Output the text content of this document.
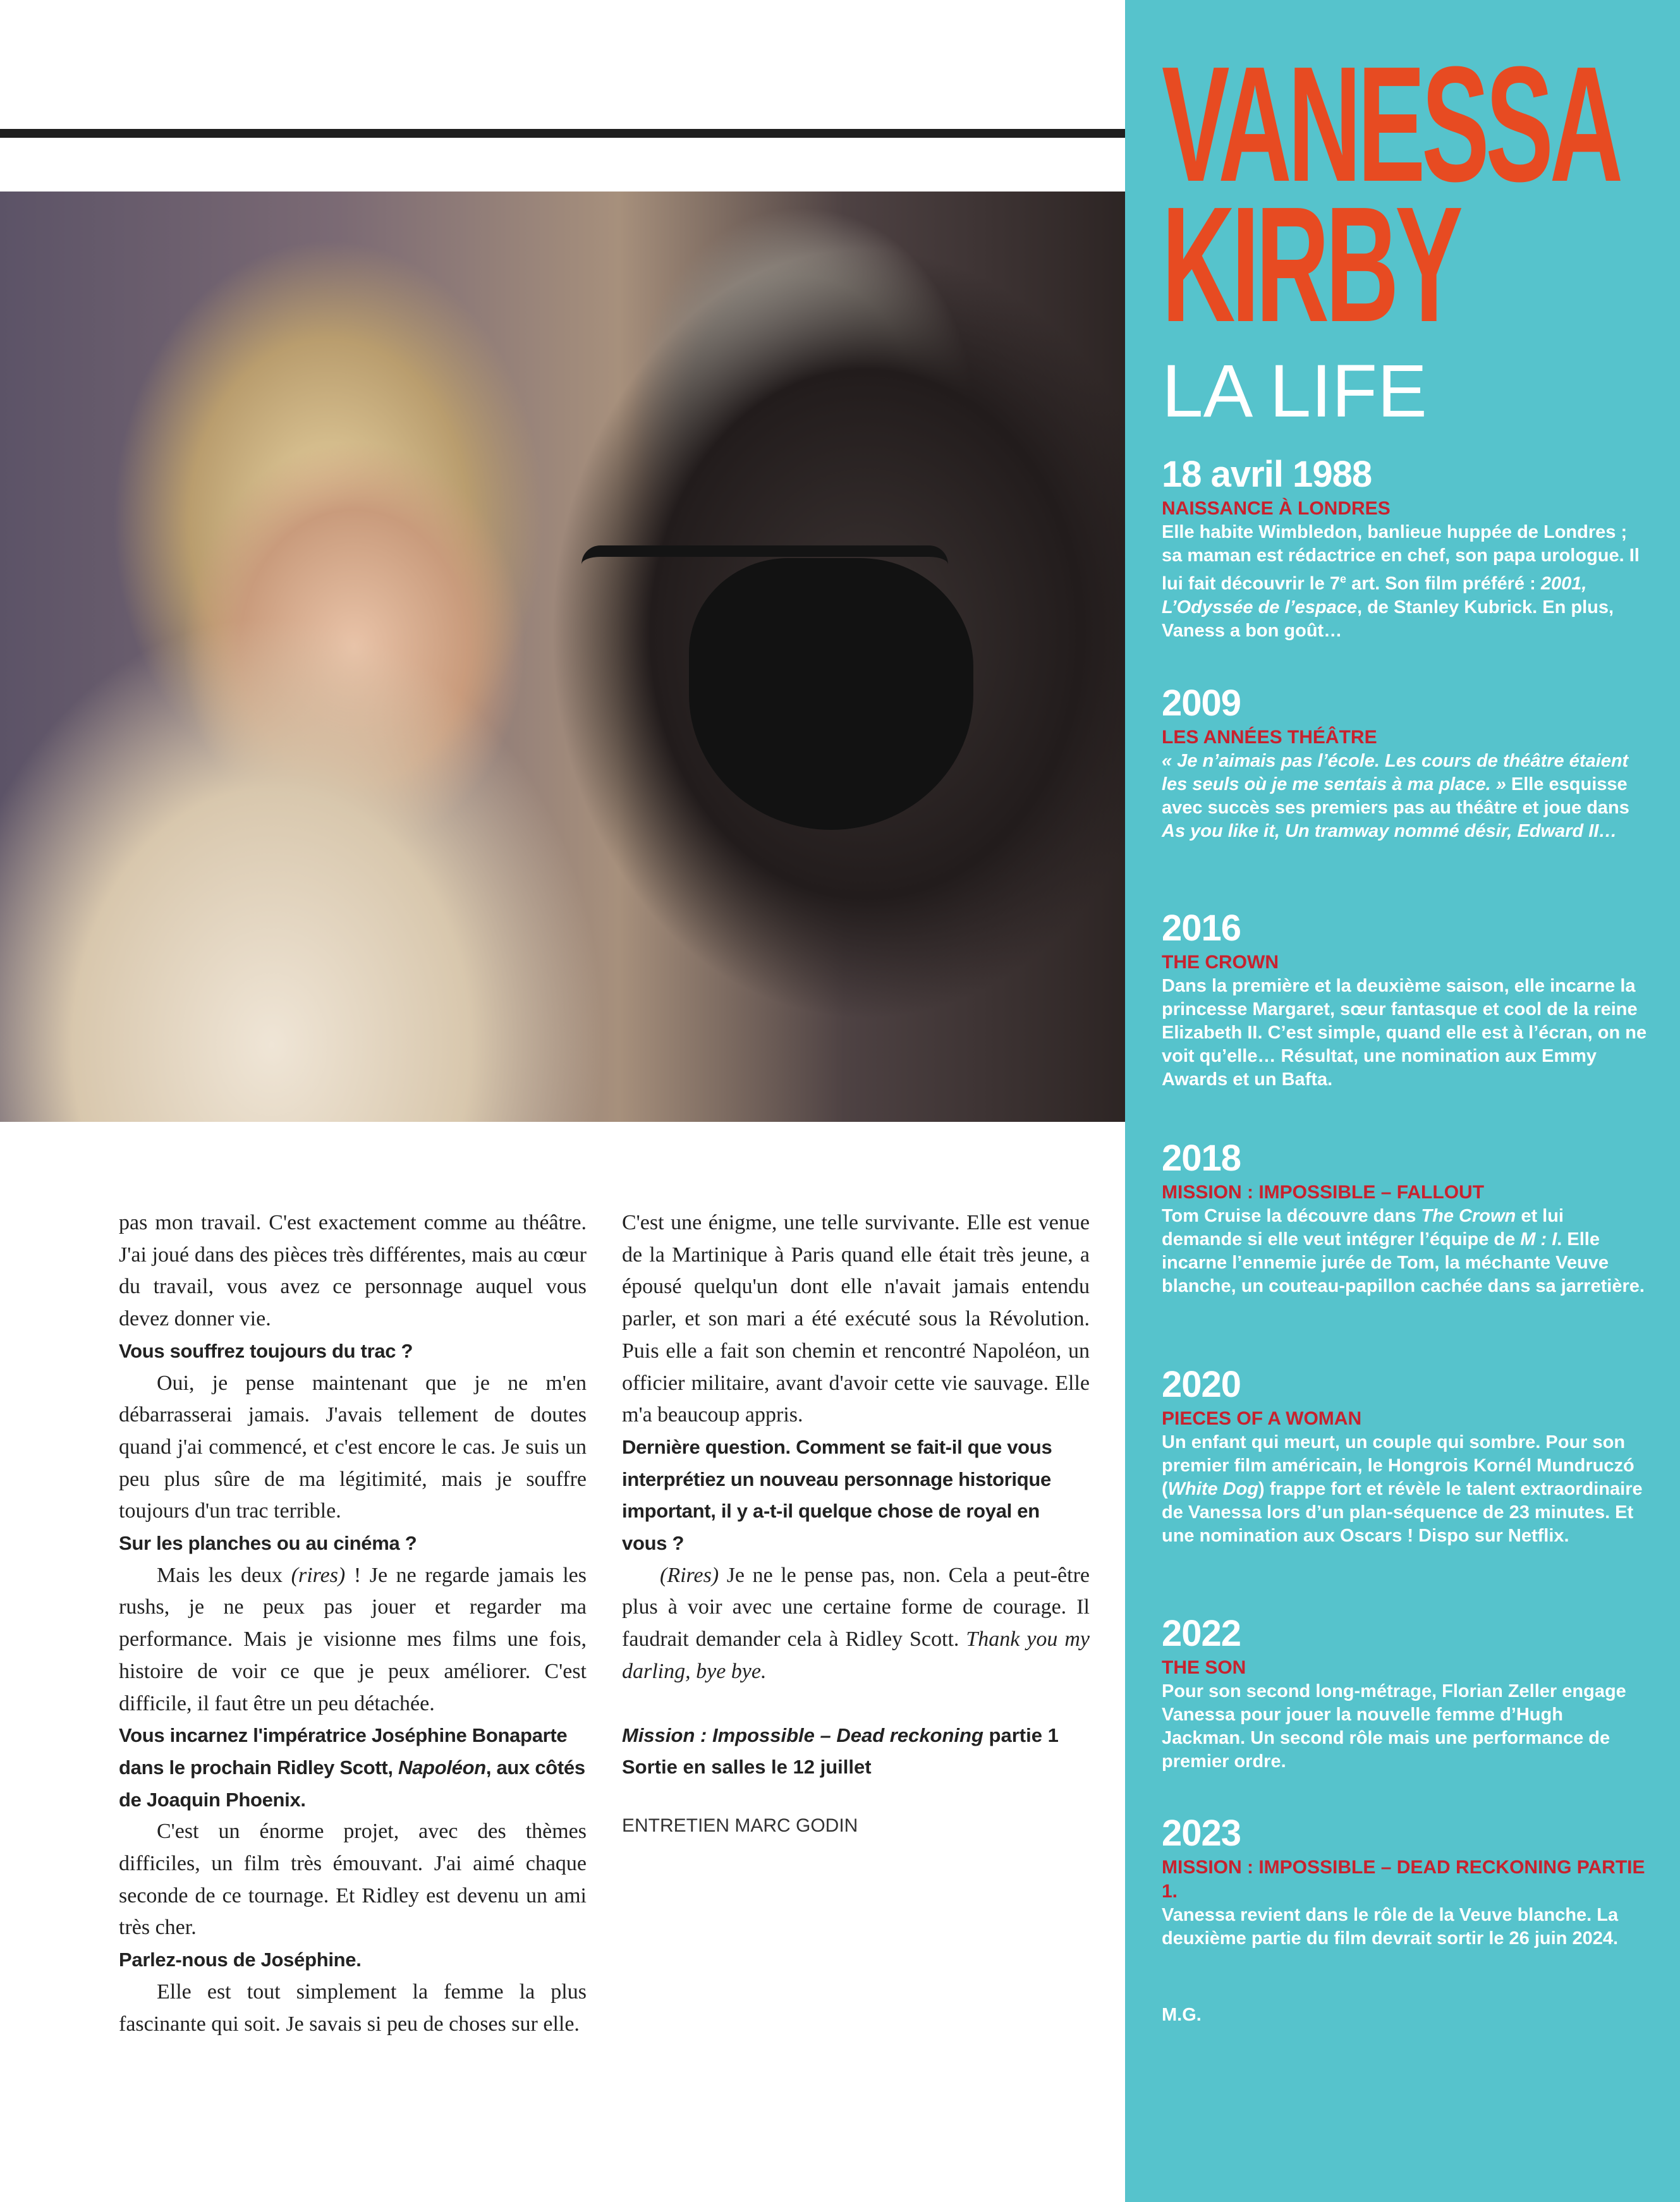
VANESSA
KIRBY
LA LIFE

18 avril 1988

NAISSANCE À LONDRES

Elle habite Wimbledon, banlieue huppée de Londres ; sa maman est rédactrice en chef, son papa urologue. Il lui fait découvrir le 7e art. Son film préféré : 2001, L’Odyssée de l’espace, de Stanley Kubrick. En plus, Vaness a bon goût…

2009

LES ANNÉES THÉÂTRE

« Je n’aimais pas l’école. Les cours de théâtre étaient les seuls où je me sentais à ma place. » Elle esquisse avec succès ses premiers pas au théâtre et joue dans As you like it, Un tramway nommé désir, Edward II…

2016

THE CROWN

Dans la première et la deuxième saison, elle incarne la princesse Margaret, sœur fantasque et cool de la reine Elizabeth II. C’est simple, quand elle est à l’écran, on ne voit qu’elle… Résultat, une nomination aux Emmy Awards et un Bafta.

2018

MISSION : IMPOSSIBLE – FALLOUT

Tom Cruise la découvre dans The Crown et lui demande si elle veut intégrer l’équipe de M : I. Elle incarne l’ennemie jurée de Tom, la méchante Veuve blanche, un couteau-papillon cachée dans sa jarretière.

2020

PIECES OF A WOMAN

Un enfant qui meurt, un couple qui sombre. Pour son premier film américain, le Hongrois Kornél Mundruczó (White Dog) frappe fort et révèle le talent extraordinaire de Vanessa lors d’un plan-séquence de 23 minutes. Et une nomination aux Oscars ! Dispo sur Netflix.

2022

THE SON

Pour son second long-métrage, Florian Zeller engage Vanessa pour jouer la nouvelle femme d’Hugh Jackman. Un second rôle mais une performance de premier ordre.

2023

MISSION : IMPOSSIBLE – DEAD RECKONING PARTIE 1.

Vanessa revient dans le rôle de la Veuve blanche. La deuxième partie du film devrait sortir le 26 juin 2024.

M.G.

pas mon travail. C'est exactement comme au théâtre. J'ai joué dans des pièces très différentes, mais au cœur du travail, vous avez ce personnage auquel vous devez donner vie.

Vous souffrez toujours du trac ?

Oui, je pense maintenant que je ne m'en débarrasserai jamais. J'avais tellement de doutes quand j'ai commencé, et c'est encore le cas. Je suis un peu plus sûre de ma légitimité, mais je souffre toujours d'un trac terrible.

Sur les planches ou au cinéma ?

Mais les deux (rires) ! Je ne regarde jamais les rushs, je ne peux pas jouer et regarder ma performance. Mais je visionne mes films une fois, histoire de voir ce que je peux améliorer. C'est difficile, il faut être un peu détachée.

Vous incarnez l'impératrice Joséphine Bonaparte dans le prochain Ridley Scott, Napoléon, aux côtés de Joaquin Phoenix.

C'est un énorme projet, avec des thèmes difficiles, un film très émouvant. J'ai aimé chaque seconde de ce tournage. Et Ridley est devenu un ami très cher.

Parlez-nous de Joséphine.

Elle est tout simplement la femme la plus fascinante qui soit. Je savais si peu de choses sur elle.

C'est une énigme, une telle survivante. Elle est venue de la Martinique à Paris quand elle était très jeune, a épousé quelqu'un dont elle n'avait jamais entendu parler, et son mari a été exécuté sous la Révolution. Puis elle a fait son chemin et rencontré Napoléon, un officier militaire, avant d'avoir cette vie sauvage. Elle m'a beaucoup appris.

Dernière question. Comment se fait-il que vous interprétiez un nouveau personnage historique important, il y a-t-il quelque chose de royal en vous ?

(Rires) Je ne le pense pas, non. Cela a peut-être plus à voir avec une certaine forme de courage. Il faudrait demander cela à Ridley Scott. Thank you my darling, bye bye.

Mission : Impossible – Dead reckoning partie 1
Sortie en salles le 12 juillet

ENTRETIEN MARC GODIN
